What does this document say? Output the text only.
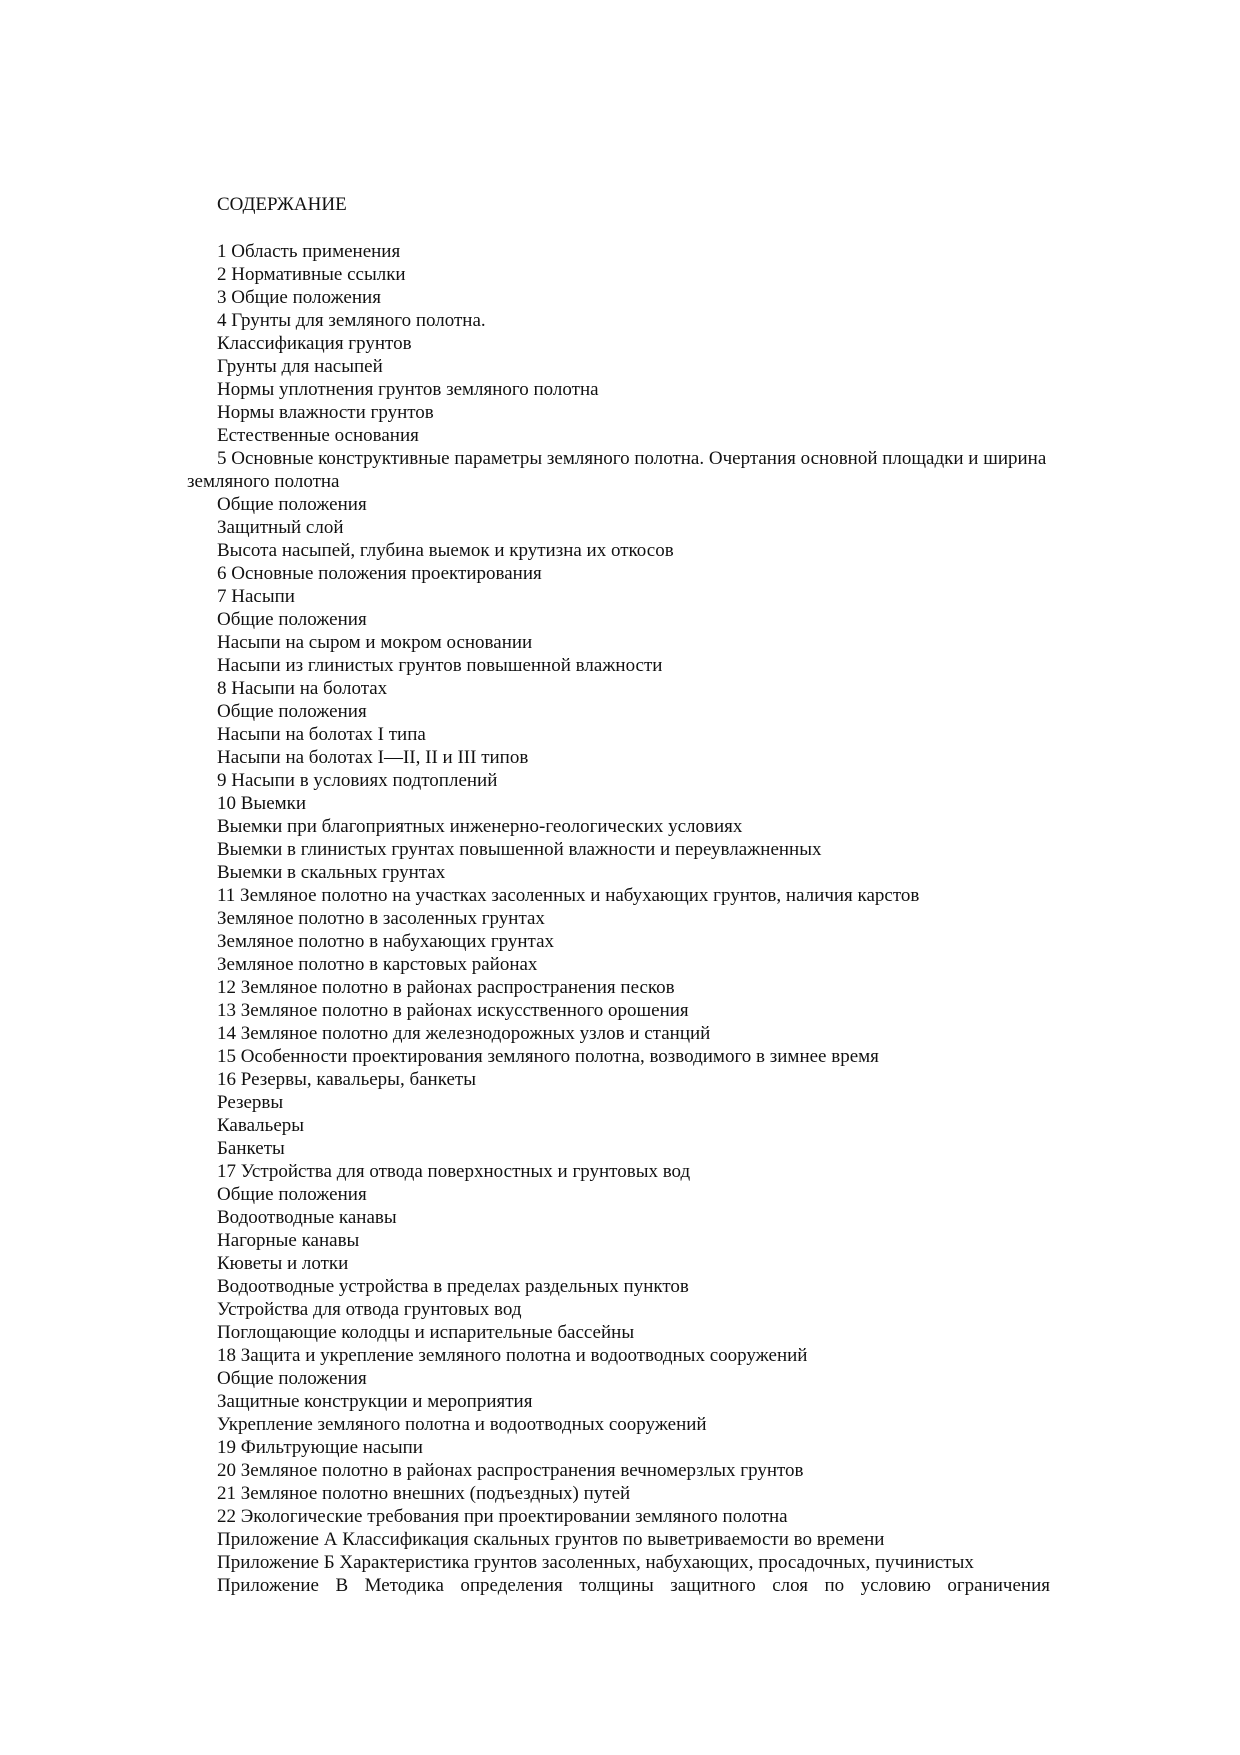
СОДЕРЖАНИЕ
1 Область применения
2 Нормативные ссылки
3 Общие положения
4 Грунты для земляного полотна.
Классификация грунтов
Грунты для насыпей
Нормы уплотнения грунтов земляного полотна
Нормы влажности грунтов
Естественные основания
5 Основные конструктивные параметры земляного полотна. Очертания основной площадки и ширина земляного полотна
Общие положения
Защитный слой
Высота насыпей, глубина выемок и крутизна их откосов
6 Основные положения проектирования
7 Насыпи
Общие положения
Насыпи на сыром и мокром основании
Насыпи из глинистых грунтов повышенной влажности
8 Насыпи на болотах
Общие положения
Насыпи на болотах I типа
Насыпи на болотах I—II, II и III типов
9 Насыпи в условиях подтоплений
10 Выемки
Выемки при благоприятных инженерно-геологических условиях
Выемки в глинистых грунтах повышенной влажности и переувлажненных
Выемки в скальных грунтах
11 Земляное полотно на участках засоленных и набухающих грунтов, наличия карстов
Земляное полотно в засоленных грунтах
Земляное полотно в набухающих грунтах
Земляное полотно в карстовых районах
12 Земляное полотно в районах распространения песков
13 Земляное полотно в районах искусственного орошения
14 Земляное полотно для железнодорожных узлов и станций
15 Особенности проектирования земляного полотна, возводимого в зимнее время
16 Резервы, кавальеры, банкеты
Резервы
Кавальеры
Банкеты
17 Устройства для отвода поверхностных и грунтовых вод
Общие положения
Водоотводные канавы
Нагорные канавы
Кюветы и лотки
Водоотводные устройства в пределах раздельных пунктов
Устройства для отвода грунтовых вод
Поглощающие колодцы и испарительные бассейны
18 Защита и укрепление земляного полотна и водоотводных сооружений
Общие положения
Защитные конструкции и мероприятия
Укрепление земляного полотна и водоотводных сооружений
19 Фильтрующие насыпи
20 Земляное полотно в районах распространения вечномерзлых грунтов
21 Земляное полотно внешних (подъездных) путей
22 Экологические требования при проектировании земляного полотна
Приложение А Классификация скальных грунтов по выветриваемости во времени
Приложение Б Характеристика грунтов засоленных, набухающих, просадочных, пучинистых
Приложение В Методика определения толщины защитного слоя по условию ограничения
